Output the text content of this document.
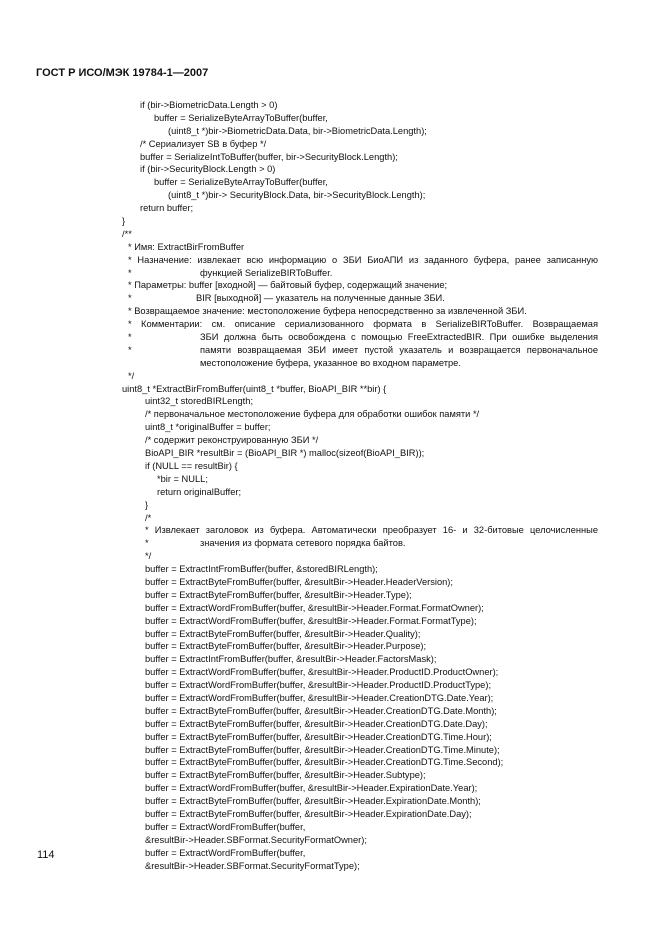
ГОСТ Р ИСО/МЭК 19784-1—2007
if (bir->BiometricData.Length > 0)
buffer = SerializeByteArrayToBuffer(buffer,
(uint8_t *)bir->BiometricData.Data, bir->BiometricData.Length);
/* Сериализует SB в буфер */
buffer = SerializeIntToBuffer(buffer, bir->SecurityBlock.Length);
if (bir->SecurityBlock.Length > 0)
buffer = SerializeByteArrayToBuffer(buffer,
(uint8_t *)bir-> SecurityBlock.Data, bir->SecurityBlock.Length);
return buffer;
}
/**
* Имя: ExtractBirFromBuffer
* Назначение: извлекает всю информацию о ЗБИ БиоАПИ из заданного буфера, ранее записанную
*	функцией SerializeBIRToBuffer.
* Параметры: buffer [входной] — байтовый буфер, содержащий значение;
*	BIR [выходной] — указатель на полученные данные ЗБИ.
* Возвращаемое значение: местоположение буфера непосредственно за извлеченной ЗБИ.
* Комментарии: см. описание сериализованного формата в SerializeBIRToBuffer. Возвращаемая
*	ЗБИ должна быть освобождена с помощью FreeExtractedBIR. При ошибке выделения
*	памяти возвращаемая ЗБИ имеет пустой указатель и возвращается первоначальное
местоположение буфера, указанное во входном параметре.
*/
uint8_t *ExtractBirFromBuffer(uint8_t *buffer, BioAPI_BIR **bir) {
uint32_t storedBIRLength;
/* первоначальное местоположение буфера для обработки ошибок памяти */
uint8_t *originalBuffer = buffer;
/* содержит реконструированную ЗБИ */
BioAPI_BIR *resultBir = (BioAPI_BIR *) malloc(sizeof(BioAPI_BIR));
if (NULL == resultBir) {
*bir = NULL;
return originalBuffer;
}
/*
* Извлекает заголовок из буфера. Автоматически преобразует 16- и 32-битовые целочисленные
*	значения из формата сетевого порядка байтов.
*/
buffer = ExtractIntFromBuffer(buffer, &storedBIRLength);
buffer = ExtractByteFromBuffer(buffer, &resultBir->Header.HeaderVersion);
buffer = ExtractByteFromBuffer(buffer, &resultBir->Header.Type);
buffer = ExtractWordFromBuffer(buffer, &resultBir->Header.Format.FormatOwner);
buffer = ExtractWordFromBuffer(buffer, &resultBir->Header.Format.FormatType);
buffer = ExtractByteFromBuffer(buffer, &resultBir->Header.Quality);
buffer = ExtractByteFromBuffer(buffer, &resultBir->Header.Purpose);
buffer = ExtractIntFromBuffer(buffer, &resultBir->Header.FactorsMask);
buffer = ExtractWordFromBuffer(buffer, &resultBir->Header.ProductID.ProductOwner);
buffer = ExtractWordFromBuffer(buffer, &resultBir->Header.ProductID.ProductType);
buffer = ExtractWordFromBuffer(buffer, &resultBir->Header.CreationDTG.Date.Year);
buffer = ExtractByteFromBuffer(buffer, &resultBir->Header.CreationDTG.Date.Month);
buffer = ExtractByteFromBuffer(buffer, &resultBir->Header.CreationDTG.Date.Day);
buffer = ExtractByteFromBuffer(buffer, &resultBir->Header.CreationDTG.Time.Hour);
buffer = ExtractByteFromBuffer(buffer, &resultBir->Header.CreationDTG.Time.Minute);
buffer = ExtractByteFromBuffer(buffer, &resultBir->Header.CreationDTG.Time.Second);
buffer = ExtractByteFromBuffer(buffer, &resultBir->Header.Subtype);
buffer = ExtractWordFromBuffer(buffer, &resultBir->Header.ExpirationDate.Year);
buffer = ExtractByteFromBuffer(buffer, &resultBir->Header.ExpirationDate.Month);
buffer = ExtractByteFromBuffer(buffer, &resultBir->Header.ExpirationDate.Day);
buffer = ExtractWordFromBuffer(buffer,
&resultBir->Header.SBFormat.SecurityFormatOwner);
buffer = ExtractWordFromBuffer(buffer,
&resultBir->Header.SBFormat.SecurityFormatType);
114
